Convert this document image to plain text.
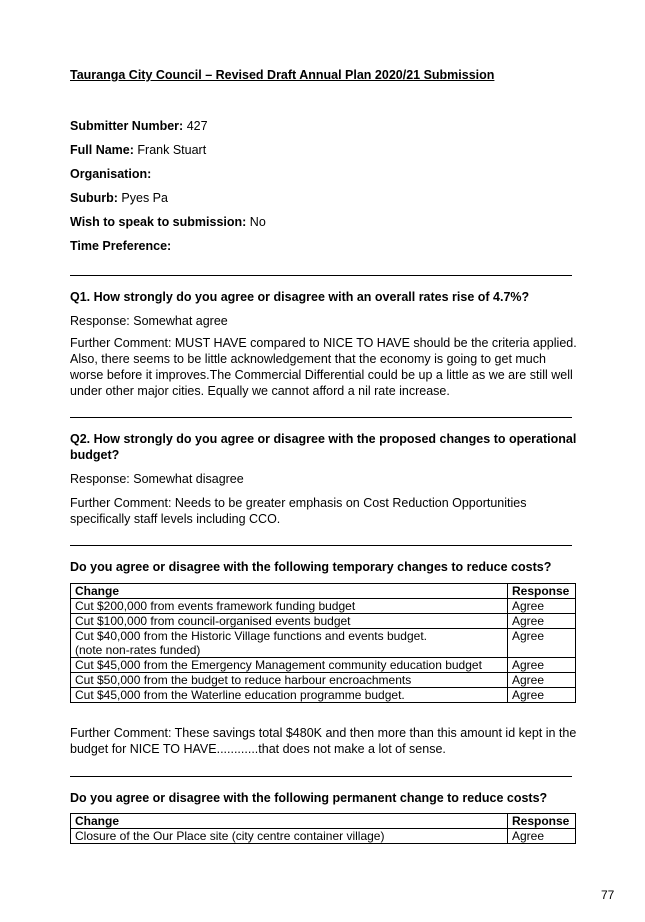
Tauranga City Council – Revised Draft Annual Plan 2020/21 Submission
Submitter Number: 427
Full Name: Frank Stuart
Organisation:
Suburb: Pyes Pa
Wish to speak to submission: No
Time Preference:
Q1. How strongly do you agree or disagree with an overall rates rise of 4.7%?
Response: Somewhat agree
Further Comment: MUST HAVE compared to NICE TO HAVE should be the criteria applied. Also, there seems to be little acknowledgement that the economy is going to get much worse before it improves.The Commercial Differential could be up a little as we are still well under other major cities. Equally we cannot afford a nil rate increase.
Q2. How strongly do you agree or disagree with the proposed changes to operational budget?
Response: Somewhat disagree
Further Comment: Needs to be greater emphasis on Cost Reduction Opportunities specifically staff levels including CCO.
Do you agree or disagree with the following temporary changes to reduce costs?
Change	Response
Cut $200,000 from events framework funding budget	Agree
Cut $100,000 from council-organised events budget	Agree

Cut $40,000 from the Historic Village functions and events budget.
(note non-rates funded)	Agree
Cut $45,000 from the Emergency Management community education budget	Agree
Cut $50,000 from the budget to reduce harbour encroachments	Agree
Cut $45,000 from the Waterline education programme budget.	Agree
Further Comment: These savings total $480K and then more than this amount id kept in the budget for NICE TO HAVE............that does not make a lot of sense.
Do you agree or disagree with the following permanent change to reduce costs?
Change	Response
Closure of the Our Place site (city centre container village)	Agree
77
